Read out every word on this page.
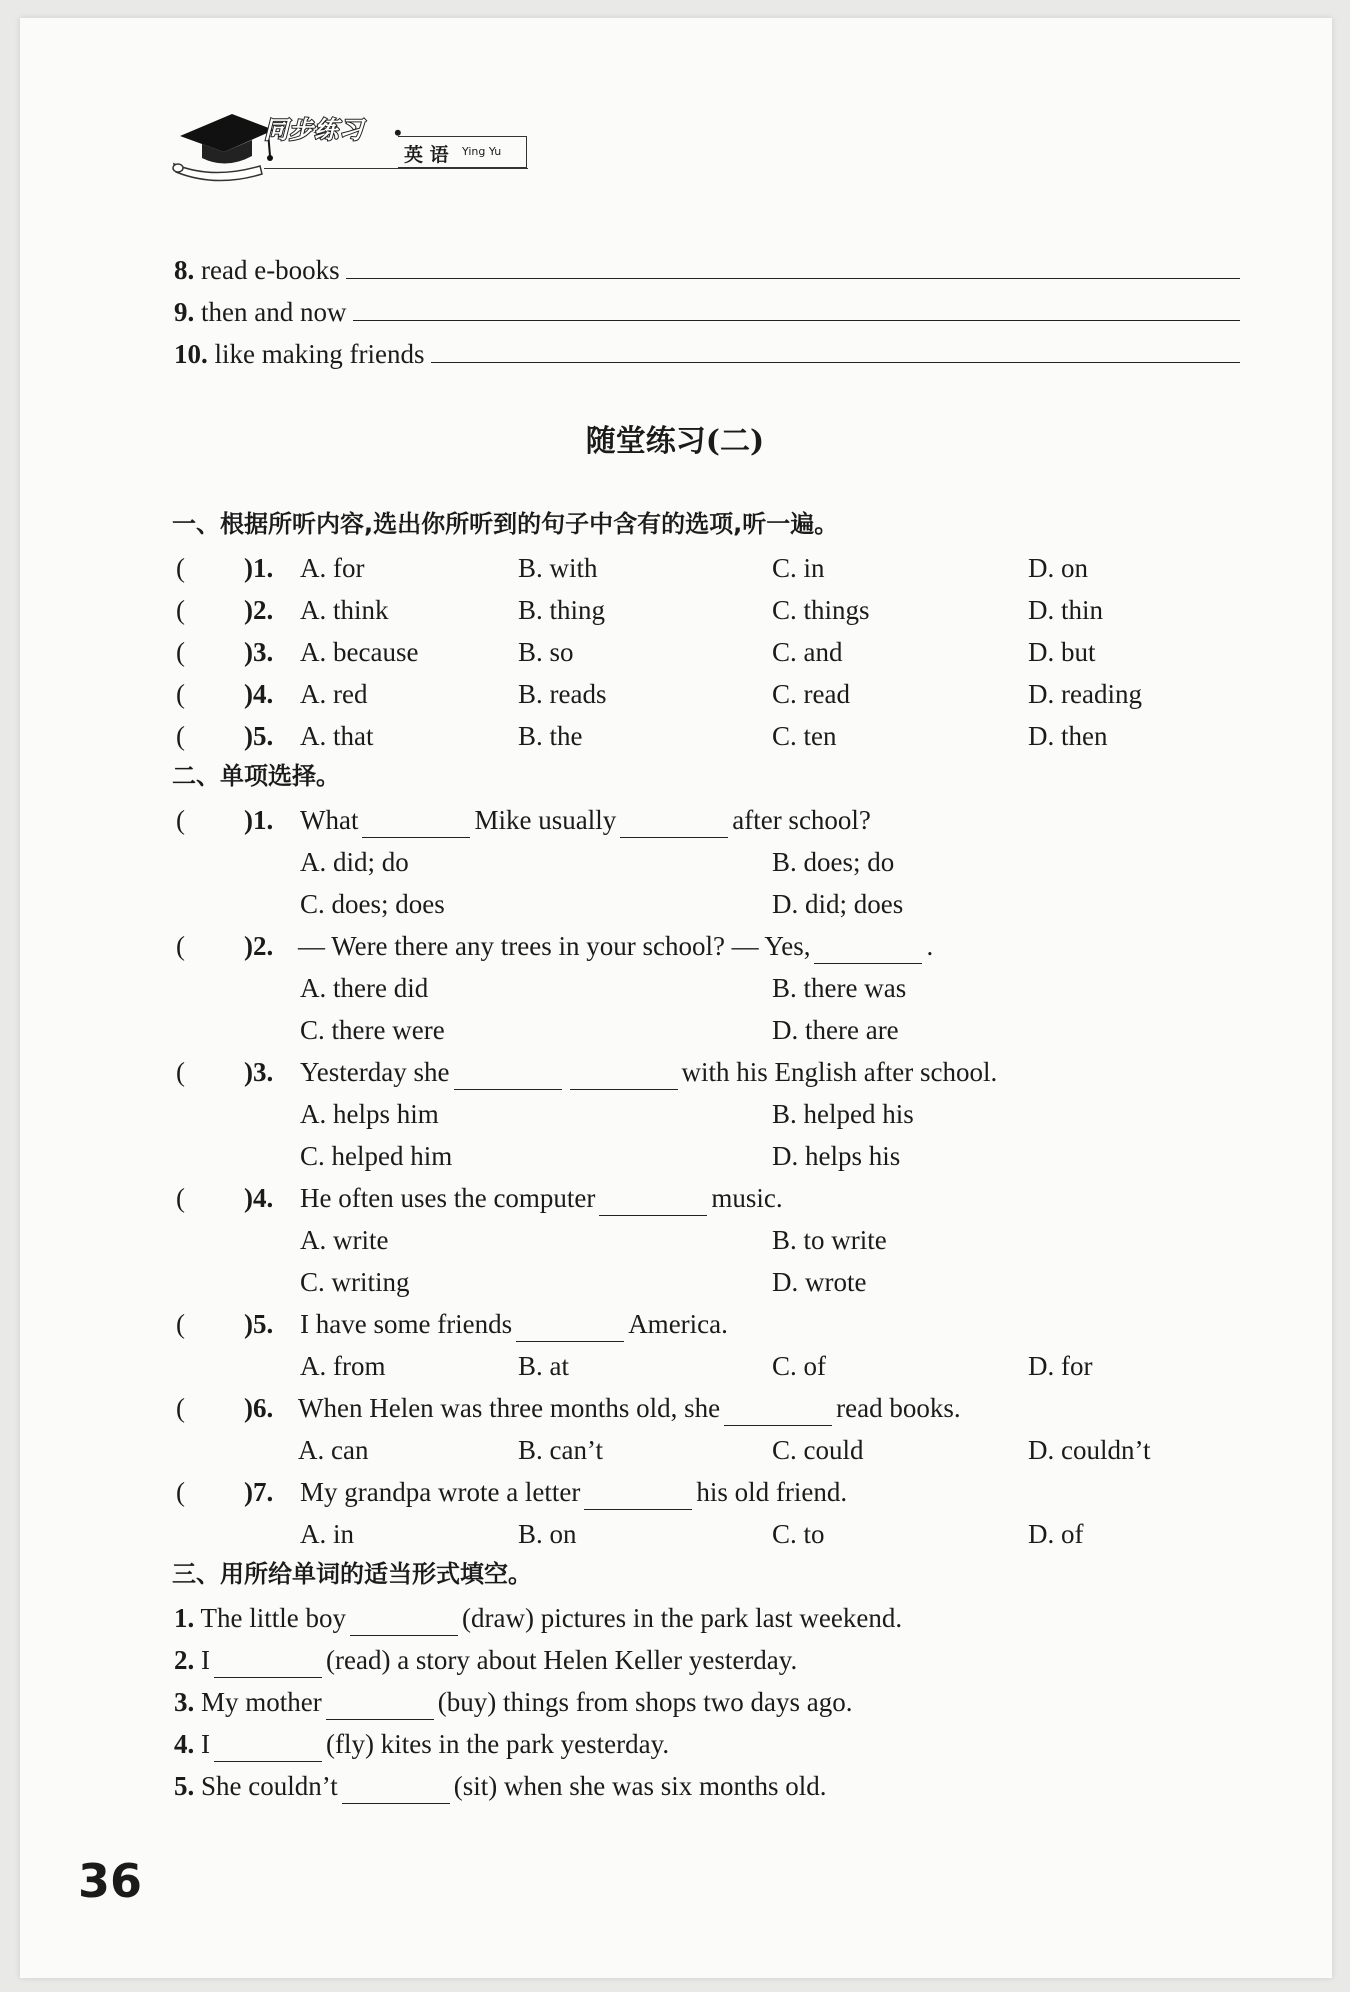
同步练习 •
英 语 Ying Yu
8.
read e-books

9.
then and now

10.
like making friends

随堂练习(二)
一、根据所听内容,选出你所听到的句子中含有的选项,听一遍。
( )1. A. for	B. with	C. in	D. on
( )2. A. think	B. thing	C. things	D. thin
( )3. A. because	B. so	C. and	D. but
( )4. A. red	B. reads	C. read	D. reading
( )5. A. that	B. the	C. ten	D. then
二、单项选择。
( )1. What	Mike usually	after school?
A. did; do	B. does; do
C. does; does	D. did; does
( )2. — Were there any trees in your school? — Yes,	.
A. there did	B. there was
C. there were	D. there are
( )3. Yesterday she	with his English after school.
A. helps him	B. helped his
C. helped him	D. helps his
( )4. He often uses the computer	music.
A. write	B. to write
C. writing	D. wrote
( )5. I have some friends	America.
A. from	B. at	C. of	D. for
( )6. When Helen was three months old, she	read books.
A. can	B. can’t	C. could	D. couldn’t
( )7. My grandpa wrote a letter	his old friend.
A. in	B. on	C. to	D. of
三、用所给单词的适当形式填空。
1. The little boy	(draw) pictures in the park last weekend.
2. I	(read) a story about Helen Keller yesterday.
3. My mother	(buy) things from shops two days ago.
4. I	(fly) kites in the park yesterday.
5. She couldn’t	(sit) when she was six months old.
36
